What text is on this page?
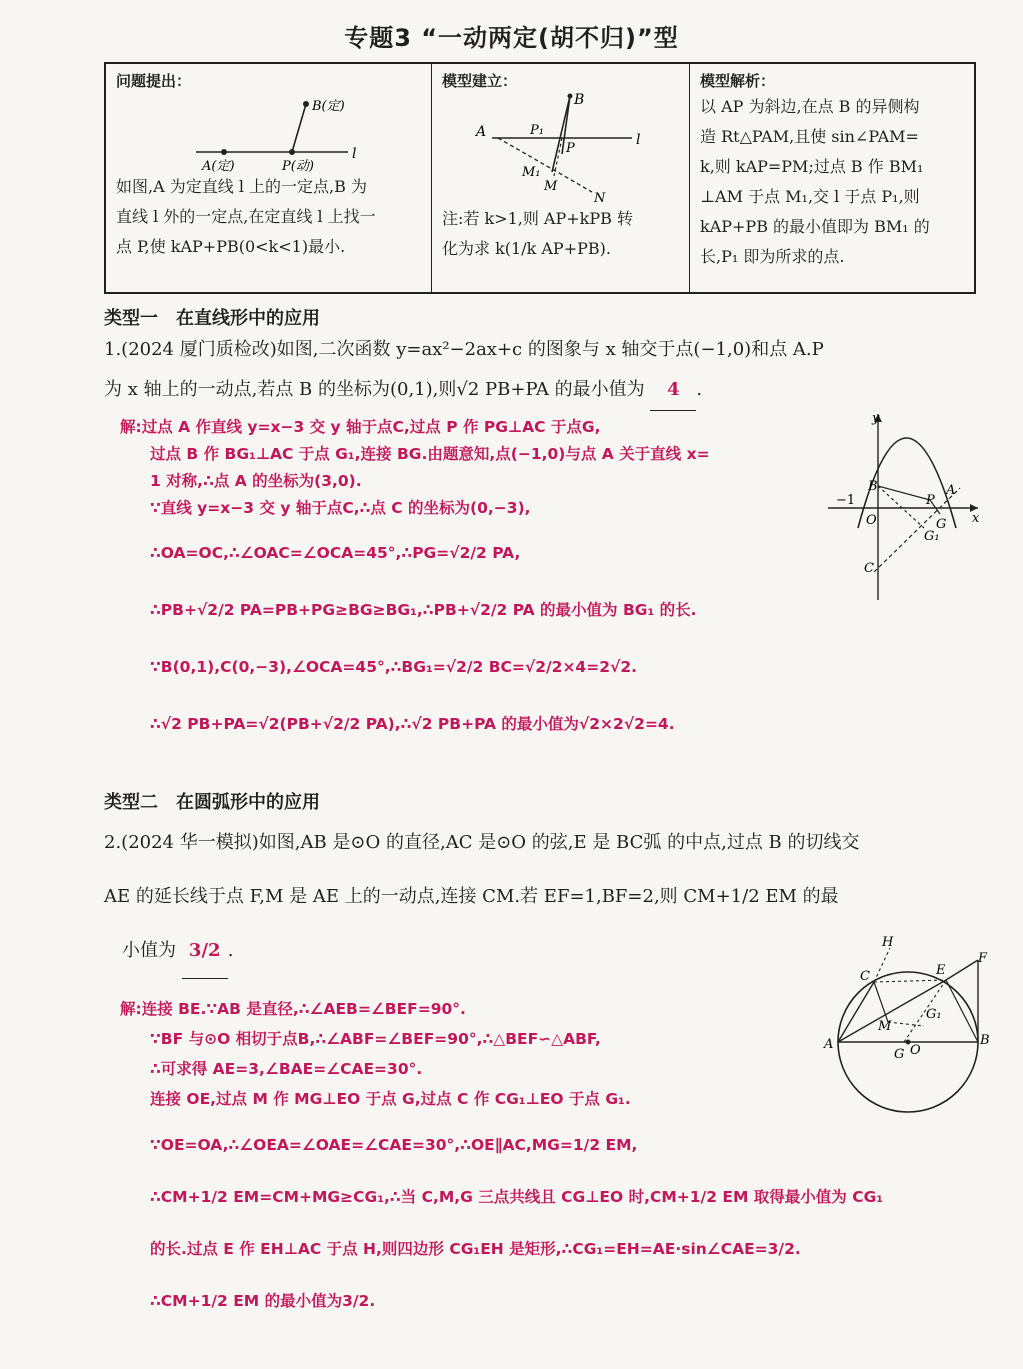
专题3 “一动两定(胡不归)”型
问题提出：
A(定)	P(动)
B(定)
l
如图,A 为定直线 l 上的一定点,B 为
直线 l 外的一定点,在定直线 l 上找一
点 P,使 kAP+PB(0<k<1)最小.
模型建立：
A
B
P₁
P
M₁
M
N
l
注:若 k>1,则 AP+kPB 转
化为求 k(1/k AP+PB).
模型解析：
以 AP 为斜边,在点 B 的异侧构
造 Rt△PAM,且使 sin∠PAM=
k,则 kAP=PM;过点 B 作 BM₁
⊥AM 于点 M₁,交 l 于点 P₁,则
kAP+PB 的最小值即为 BM₁ 的
长,P₁ 即为所求的点.
类型一　在直线形中的应用
1.(2024 厦门质检改)如图,二次函数 y=ax²−2ax+c 的图象与 x 轴交于点(−1,0)和点 A.P
为 x 轴上的一动点,若点 B 的坐标为(0,1),则√2 PB+PA 的最小值为 4 .
解:过点 A 作直线 y=x−3 交 y 轴于点C,过点 P 作 PG⊥AC 于点G,
过点 B 作 BG₁⊥AC 于点 G₁,连接 BG.由题意知,点(−1,0)与点 A 关于直线 x=
1 对称,∴点 A 的坐标为(3,0).
∵直线 y=x−3 交 y 轴于点C,∴点 C 的坐标为(0,−3),
∴OA=OC,∴∠OAC=∠OCA=45°,∴PG=√2/2 PA,
∴PB+√2/2 PA=PB+PG≥BG≥BG₁,∴PB+√2/2 PA 的最小值为 BG₁ 的长.
∵B(0,1),C(0,−3),∠OCA=45°,∴BG₁=√2/2 BC=√2/2×4=2√2.
∴√2 PB+PA=√2(PB+√2/2 PA),∴√2 PB+PA 的最小值为√2×2√2=4.
y
x
−1
O
B
P
A
G
G₁
C
类型二　在圆弧形中的应用
2.(2024 华一模拟)如图,AB 是⊙O 的直径,AC 是⊙O 的弦,E 是 BC弧 的中点,过点 B 的切线交
AE 的延长线于点 F,M 是 AE 上的一动点,连接 CM.若 EF=1,BF=2,则 CM+1/2 EM 的最
小值为 3/2 .
解:连接 BE.∵AB 是直径,∴∠AEB=∠BEF=90°.
∵BF 与⊙O 相切于点B,∴∠ABF=∠BEF=90°,∴△BEF∽△ABF,
∴可求得 AE=3,∠BAE=∠CAE=30°.
连接 OE,过点 M 作 MG⊥EO 于点 G,过点 C 作 CG₁⊥EO 于点 G₁.
∵OE=OA,∴∠OEA=∠OAE=∠CAE=30°,∴OE∥AC,MG=1/2 EM,
∴CM+1/2 EM=CM+MG≥CG₁,∴当 C,M,G 三点共线且 CG⊥EO 时,CM+1/2 EM 取得最小值为 CG₁
的长.过点 E 作 EH⊥AC 于点 H,则四边形 CG₁EH 是矩形,∴CG₁=EH=AE·sin∠CAE=3/2.
∴CM+1/2 EM 的最小值为3/2.
H
C	E
F
A
M
G₁
G O
B
